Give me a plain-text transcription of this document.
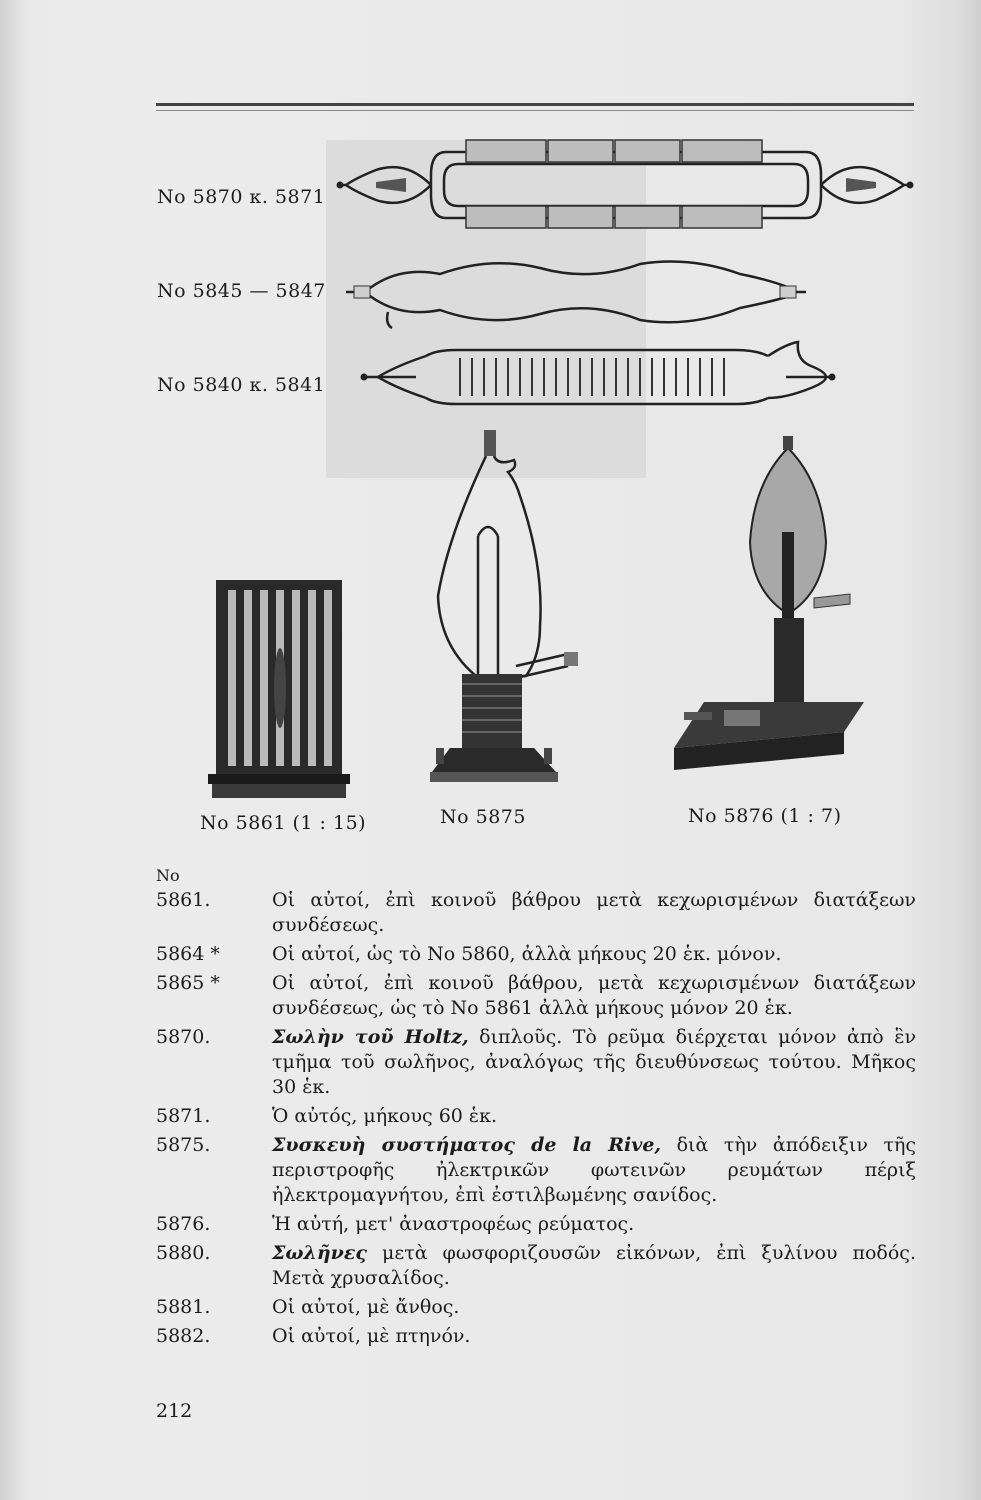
No 5870 κ. 5871
No 5845 — 5847
No 5840 κ. 5841
No 5861 (1 : 15)	No 5875	No 5876 (1 : 7)
No
5861.	Οἱ αὐτοί, ἐπὶ κοινοῦ βάθρου μετὰ κεχωρισμένων διατάξεων συνδέσεως.
5864 *	Οἱ αὐτοί, ὡς τὸ No 5860, ἀλλὰ μήκους 20 ἑκ. μόνον.
5865 *	Οἱ αὐτοί, ἐπὶ κοινοῦ βάθρου, μετὰ κεχωρισμένων διατάξεων συνδέσεως, ὡς τὸ No 5861 ἀλλὰ μήκους μόνον 20 ἑκ.
5870.	Σωλὴν τοῦ Holtz, διπλοῦς. Τὸ ρεῦμα διέρχεται μόνον ἀπὸ ἓν τμῆμα τοῦ σωλῆνος, ἀναλόγως τῆς διευθύνσεως τούτου. Μῆκος 30 ἑκ.
5871.	Ὁ αὐτός, μήκους 60 ἑκ.
5875.	Συσκευὴ συστήματος de la Rive, διὰ τὴν ἀπόδειξιν τῆς περιστροφῆς ἠλεκτρικῶν φωτεινῶν ρευμάτων πέριξ ἠλεκτρομαγνήτου, ἐπὶ ἐστιλβωμένης σανίδος.
5876.	Ἡ αὐτή, μετ' ἀναστροφέως ρεύματος.
5880.	Σωλῆνες μετὰ φωσφοριζουσῶν εἰκόνων, ἐπὶ ξυλίνου ποδός. Μετὰ χρυσαλίδος.
5881.	Οἱ αὐτοί, μὲ ἄνθος.
5882.	Οἱ αὐτοί, μὲ πτηνόν.
212
